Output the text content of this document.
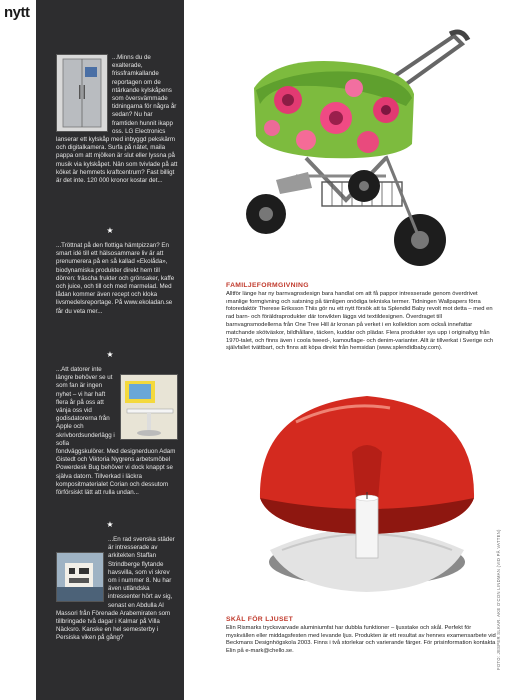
nytt
...Minns du de exalterade, frissframkallande reportagen om de ntärkande kylskåpens som översvämmade tidningarna för några år sedan? Nu har framtiden hunnit ikapp oss. LG Electronics lanserar ett kylskåp med inbyggd pekskärm och digitalkamera. Surfa på nätet, maila pappa om att mjölken är slut eller lyssna på musik via kylskåpet. Nän som tvivlade på att köket är hemmets kraftcentrum? Fast billigt är det inte. 120 000 kronor kostar det...
★
...Tröttnat på den flottiga hämtpizzan? En smart idé till ett hälsosammare liv är att prenumerera på en så kallad «Ekolåda», biodynamiska produkter direkt hem till dörren: fräscha frukter och grönsaker, kaffe och juice, och till och med marmelad. Med lådan kommer även recept och kloka livsmedelsreportage. På www.ekoladan.se får du veta mer...
★
...Att datorer inte längre behöver se ut som fan är ingen nyhet – vi har haft flera år på oss att vänja oss vid godisdatorerna från Apple och skrivbordsunderlägg i sofia fondväggskulörer. Med designerduon Adam Gistedt och Viktoria Nygrens arbetsmöbel Powerdesk Bug behöver vi dock knappt se själva datorn. Tillverkad i läckra kompositmaterialet Corian och dessutom förförsiskt lätt att rulla undan...
★
...En rad svenska städer är intresserade av arkitekten Staffan Strindberge flytande havsvilla, som vi skrev om i nummer 8. Nu har även utländska intressenter hört av sig, senast en Abdulla Al Massori från Förenade Arabemiraten som tillbringade två dagar i Kalmar på Villa Näcksro. Kanske en hel semesterby i Persiska viken på gång?
FAMILJEFORMGIVNING
Alltför länge har ny barnvagnsdesign bara handlat om att få pappor intresserade genom överdrivet ımanlige formgivning och satsning på tämligen onödiga tekniska termer. Tidningen Wallpapers förra fotoredaktör Therese Eriksson Thiis gör nu ett nytt försök att ta Splendid Baby revolt mot detta – med en rad barn- och föräldraprodukter där tonvikten läggs vid textildesignen. Överdraget till barnvagnsmodellerna från One Tree Hill är kronan på verket i en kollektion som också innefattar matchande skötväskor, bildhållare, täcken, kuddar och plädar. Flera produkter sys upp i originaltyg från 1970-talet, och finns även i coola tweed-, kamouflage- och denim-varianter. Allt är tillverkat i Sverige och självfallet tvättbart, och finns att köpa direkt från hemsidan (www.splendidbaby.com).
SKÅL FÖR LJUSET
Elin Rismarks trycksvarvade aluminiumfat har dubbla funktioner – ljusstake och skål. Perfekt för myskvällen eller middagsfesten med levande ljus. Produkten är ett resultat av hennes examensarbete vid Beckmans Designhögskola 2003. Finns i två storlekar och varierande färger. För prisinformation kontakta Elin på e-mark@chello.se.	FOTO: JESPER SLKAR. AKE O'CON LINDMAN (VID PÅ VATTEN)
